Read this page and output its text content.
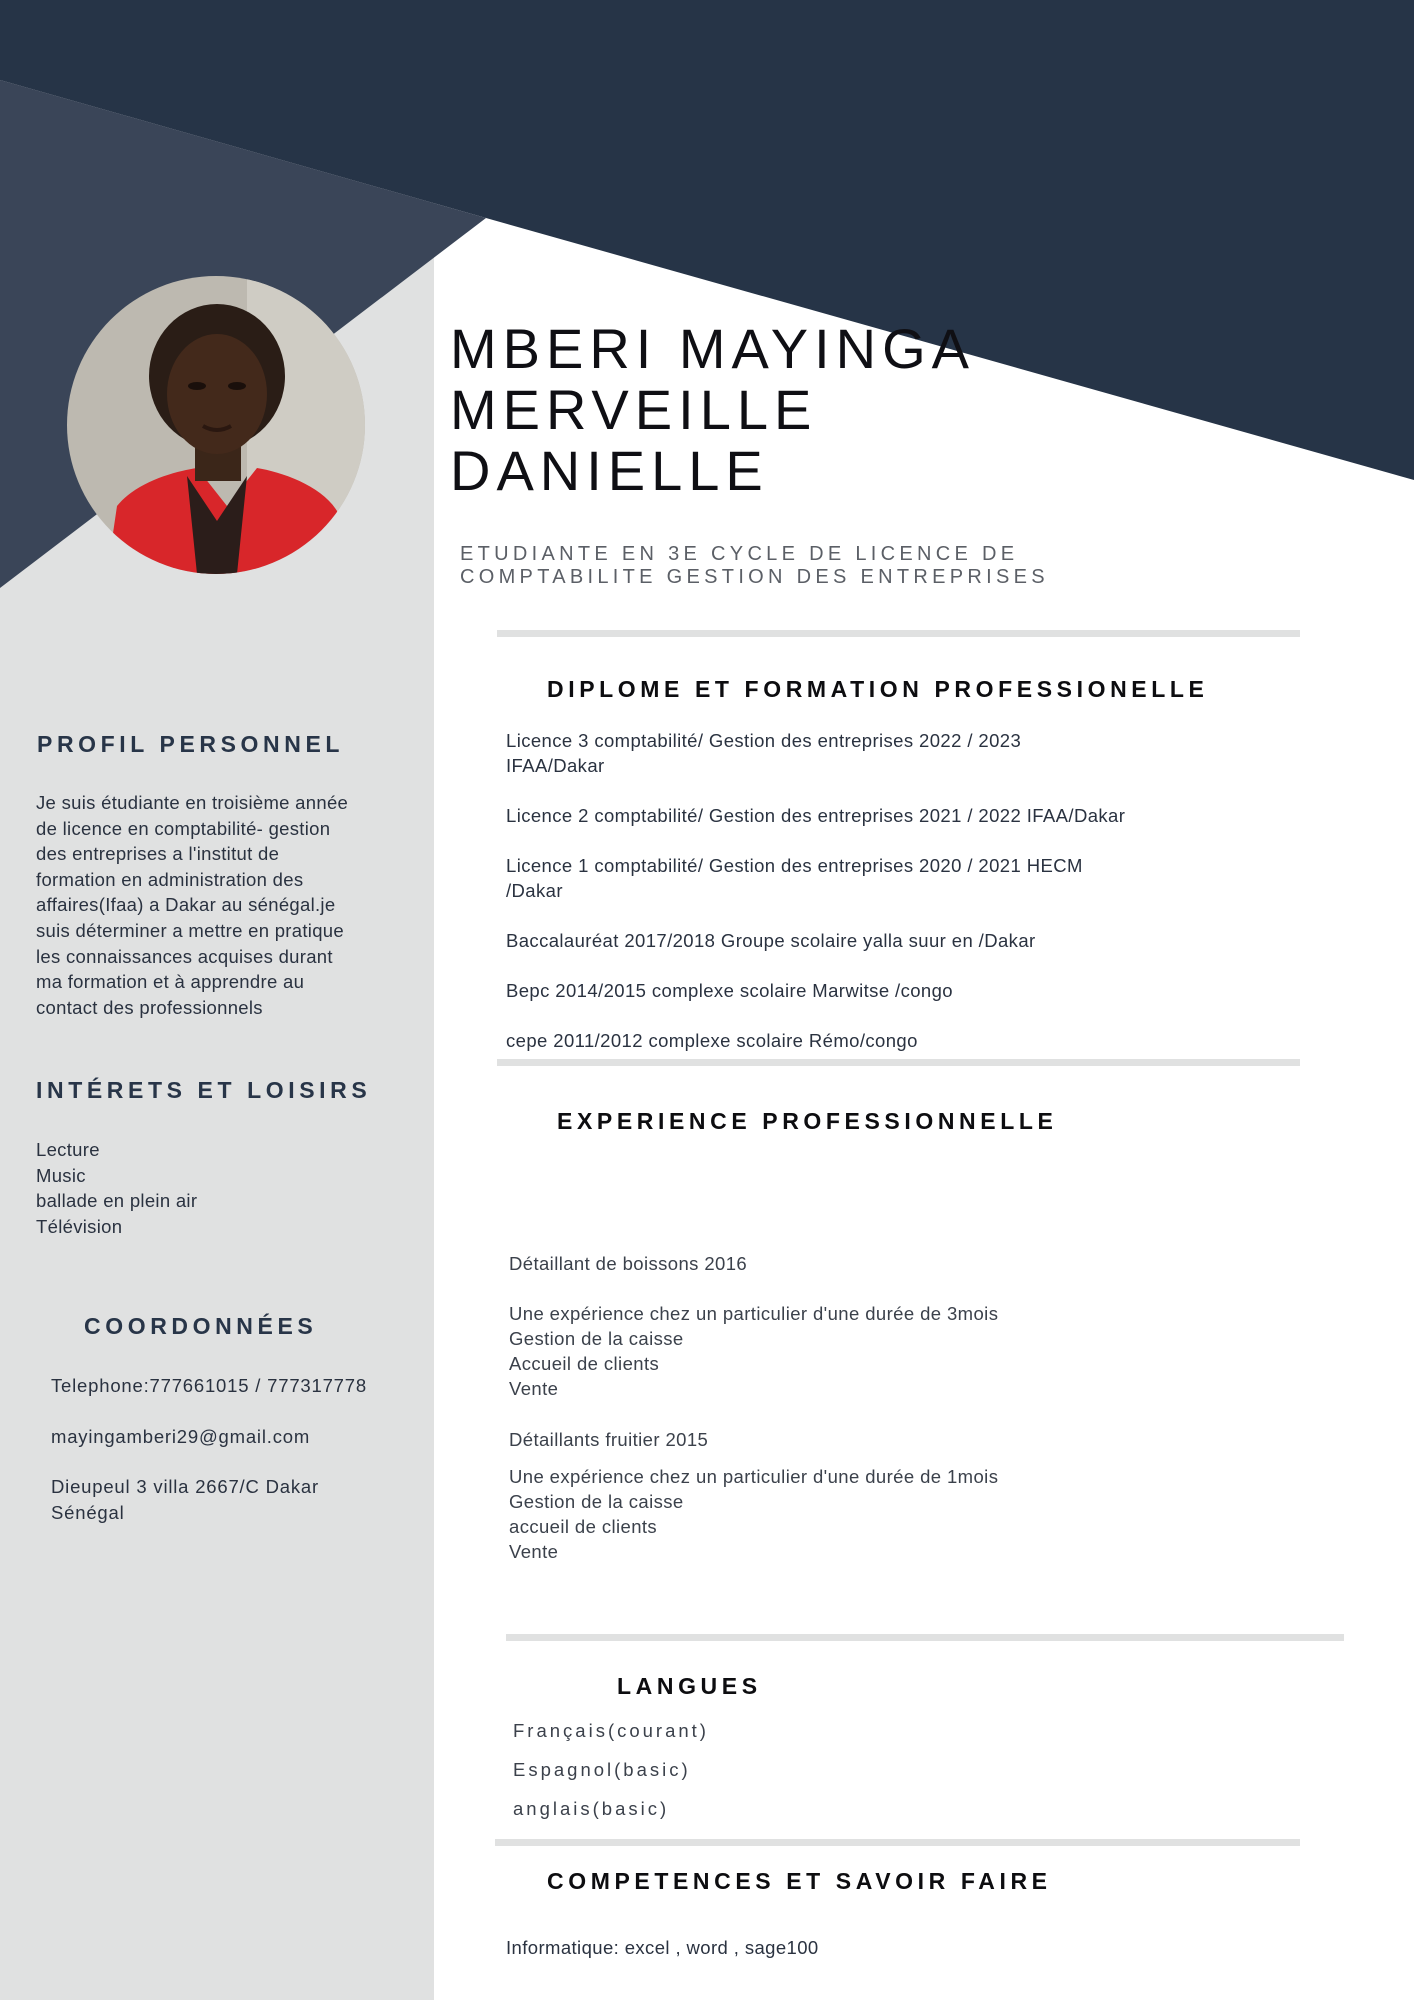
MBERI MAYINGA
MERVEILLE
DANIELLE
ETUDIANTE EN 3E CYCLE DE LICENCE DE
COMPTABILITE GESTION DES ENTREPRISES
DIPLOME ET FORMATION PROFESSIONELLE
Licence 3 comptabilité/ Gestion des entreprises 2022 / 2023
IFAA/Dakar
Licence 2 comptabilité/ Gestion des entreprises 2021 / 2022 IFAA/Dakar
Licence 1 comptabilité/ Gestion des entreprises 2020 / 2021 HECM
/Dakar
Baccalauréat 2017/2018 Groupe scolaire yalla suur en /Dakar
Bepc 2014/2015 complexe scolaire Marwitse /congo
cepe 2011/2012 complexe scolaire Rémo/congo
EXPERIENCE PROFESSIONNELLE
Détaillant de boissons 2016
Une expérience chez un particulier d'une durée de 3mois
Gestion de la caisse
Accueil de clients
Vente
Détaillants fruitier 2015
Une expérience chez un particulier d'une durée de 1mois
Gestion de la caisse
accueil de clients
Vente
LANGUES
Français(courant)
Espagnol(basic)
anglais(basic)
COMPETENCES ET SAVOIR FAIRE
Informatique: excel , word , sage100
PROFIL PERSONNEL
Je suis étudiante en troisième année
de licence en comptabilité- gestion
des entreprises a l'institut de
formation en administration des
affaires(Ifaa) a Dakar au sénégal.je
suis déterminer a mettre en pratique
les connaissances acquises durant
ma formation et à apprendre au
contact des professionnels
INTÉRETS ET LOISIRS
Lecture
Music
ballade en plein air
Télévision
COORDONNÉES
Telephone:777661015 / 777317778
mayingamberi29@gmail.com
Dieupeul 3 villa 2667/C Dakar
Sénégal
